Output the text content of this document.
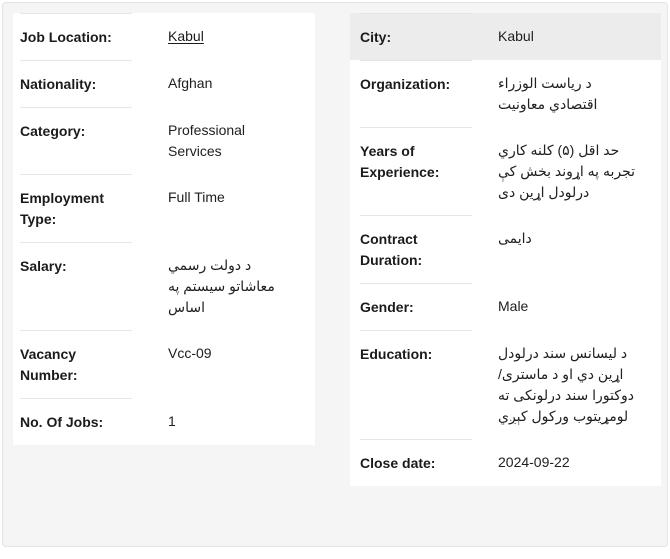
Job Location:	Kabul
Nationality:	Afghan
Category:	Professional Services
Employment Type:
Full Time
Salary:	د دولت رسمي معاشاتو سیستم په اساس
Vacancy Number:
Vcc-09
No. Of Jobs:	1
City:	Kabul
Organization:	د ریاست الوزراء اقتصادي معاونیت
Years of Experience:
حد اقل (۵) کلنه کاري تجربه په اړوند بخش کې درلودل اړین دی
Contract Duration:
دایمی
Gender:	Male
Education:	د لیسانس سند درلودل اړین دي او د ماستری/دوکتورا سند درلونکی ته لومړیتوب ورکول کېږي
Close date:	2024-09-22
